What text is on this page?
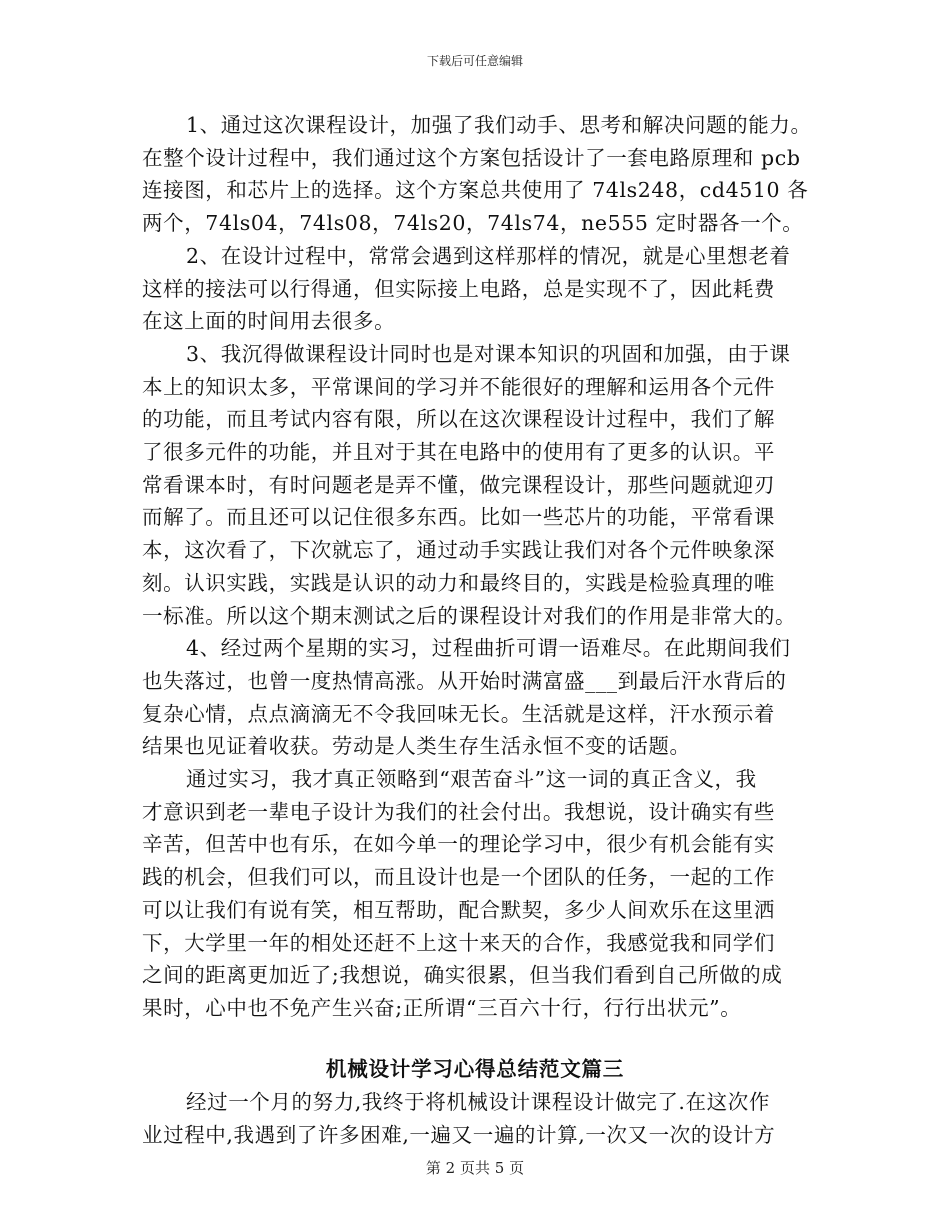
下载后可任意编辑
1、通过这次课程设计，加强了我们动手、思考和解决问题的能力。
在整个设计过程中，我们通过这个方案包括设计了一套电路原理和 pcb
连接图，和芯片上的选择。这个方案总共使用了 74ls248，cd4510 各
两个，74ls04，74ls08，74ls20，74ls74，ne555 定时器各一个。
2、在设计过程中，常常会遇到这样那样的情况，就是心里想老着
这样的接法可以行得通，但实际接上电路，总是实现不了，因此耗费
在这上面的时间用去很多。
3、我沉得做课程设计同时也是对课本知识的巩固和加强，由于课
本上的知识太多，平常课间的学习并不能很好的理解和运用各个元件
的功能，而且考试内容有限，所以在这次课程设计过程中，我们了解
了很多元件的功能，并且对于其在电路中的使用有了更多的认识。平
常看课本时，有时问题老是弄不懂，做完课程设计，那些问题就迎刃
而解了。而且还可以记住很多东西。比如一些芯片的功能，平常看课
本，这次看了，下次就忘了，通过动手实践让我们对各个元件映象深
刻。认识实践，实践是认识的动力和最终目的，实践是检验真理的唯
一标准。所以这个期末测试之后的课程设计对我们的作用是非常大的。
4、经过两个星期的实习，过程曲折可谓一语难尽。在此期间我们
也失落过，也曾一度热情高涨。从开始时满富盛___到最后汗水背后的
复杂心情，点点滴滴无不令我回味无长。生活就是这样，汗水预示着
结果也见证着收获。劳动是人类生存生活永恒不变的话题。
通过实习，我才真正领略到“艰苦奋斗”这一词的真正含义，我
才意识到老一辈电子设计为我们的社会付出。我想说，设计确实有些
辛苦，但苦中也有乐，在如今单一的理论学习中，很少有机会能有实
践的机会，但我们可以，而且设计也是一个团队的任务，一起的工作
可以让我们有说有笑，相互帮助，配合默契，多少人间欢乐在这里洒
下，大学里一年的相处还赶不上这十来天的合作，我感觉我和同学们
之间的距离更加近了;我想说，确实很累，但当我们看到自己所做的成
果时，心中也不免产生兴奋;正所谓“三百六十行，行行出状元”。
机械设计学习心得总结范文篇三
经过一个月的努力,我终于将机械设计课程设计做完了.在这次作
业过程中,我遇到了许多困难,一遍又一遍的计算,一次又一次的设计方
第 2 页共 5 页
